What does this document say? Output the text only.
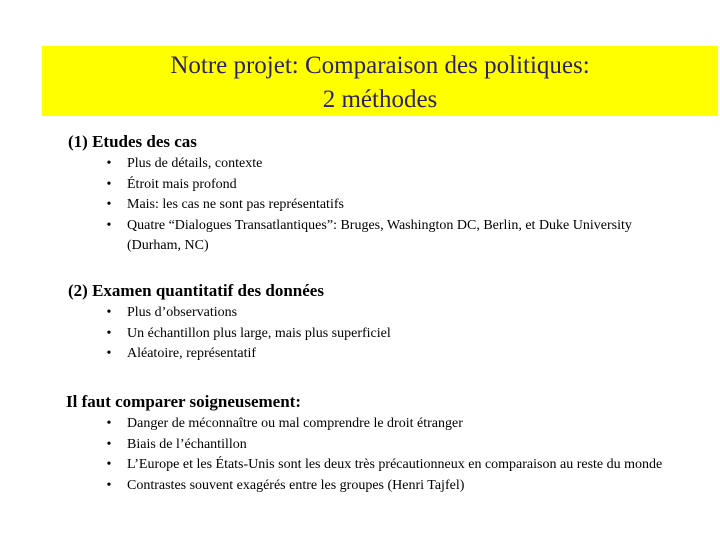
Notre projet: Comparaison des politiques:
2 méthodes
(1) Etudes des cas
• Plus de détails, contexte
• Étroit mais profond
• Mais: les cas ne sont pas représentatifs
• Quatre “Dialogues Transatlantiques”: Bruges, Washington DC, Berlin, et Duke University (Durham, NC)
(2) Examen quantitatif des données
• Plus d’observations
• Un échantillon plus large, mais plus superficiel
• Aléatoire, représentatif
Il faut comparer soigneusement:
• Danger de méconnaître ou mal comprendre le droit étranger
• Biais de l’échantillon
• L’Europe et les États-Unis sont les deux très précautionneux en comparaison au reste du monde
• Contrastes souvent exagérés entre les groupes (Henri Tajfel)
